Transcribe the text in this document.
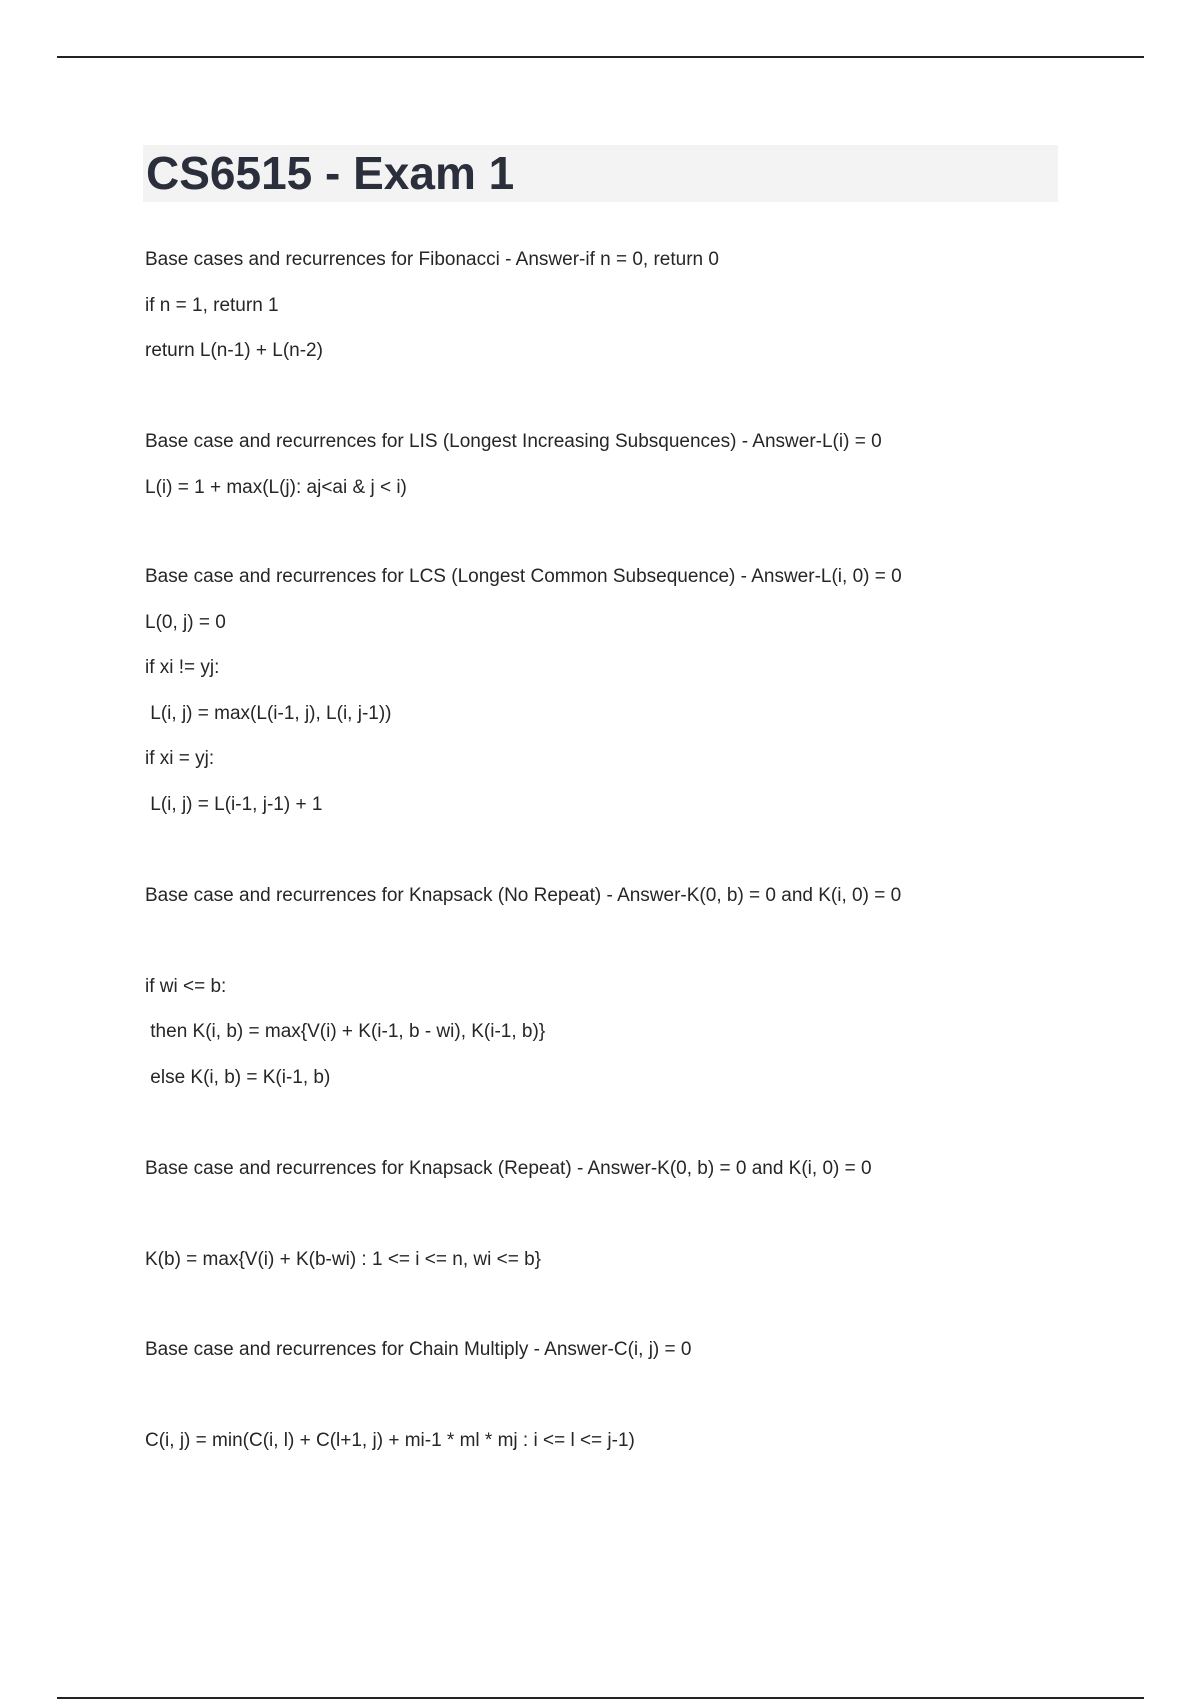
CS6515 - Exam 1
Base cases and recurrences for Fibonacci - Answer-if n = 0, return 0
if n = 1, return 1
return L(n-1) + L(n-2)
Base case and recurrences for LIS (Longest Increasing Subsquences) - Answer-L(i) = 0
L(i) = 1 + max(L(j): aj<ai & j < i)
Base case and recurrences for LCS (Longest Common Subsequence) - Answer-L(i, 0) = 0
L(0, j) = 0
if xi != yj:
L(i, j) = max(L(i-1, j), L(i, j-1))
if xi = yj:
L(i, j) = L(i-1, j-1) + 1
Base case and recurrences for Knapsack (No Repeat) - Answer-K(0, b) = 0 and K(i, 0) = 0
if wi <= b:
then K(i, b) = max{V(i) + K(i-1, b - wi), K(i-1, b)}
else K(i, b) = K(i-1, b)
Base case and recurrences for Knapsack (Repeat) - Answer-K(0, b) = 0 and K(i, 0) = 0
K(b) = max{V(i) + K(b-wi) : 1 <= i <= n, wi <= b}
Base case and recurrences for Chain Multiply - Answer-C(i, j) = 0
C(i, j) = min(C(i, l) + C(l+1, j) + mi-1 * ml * mj : i <= l <= j-1)
